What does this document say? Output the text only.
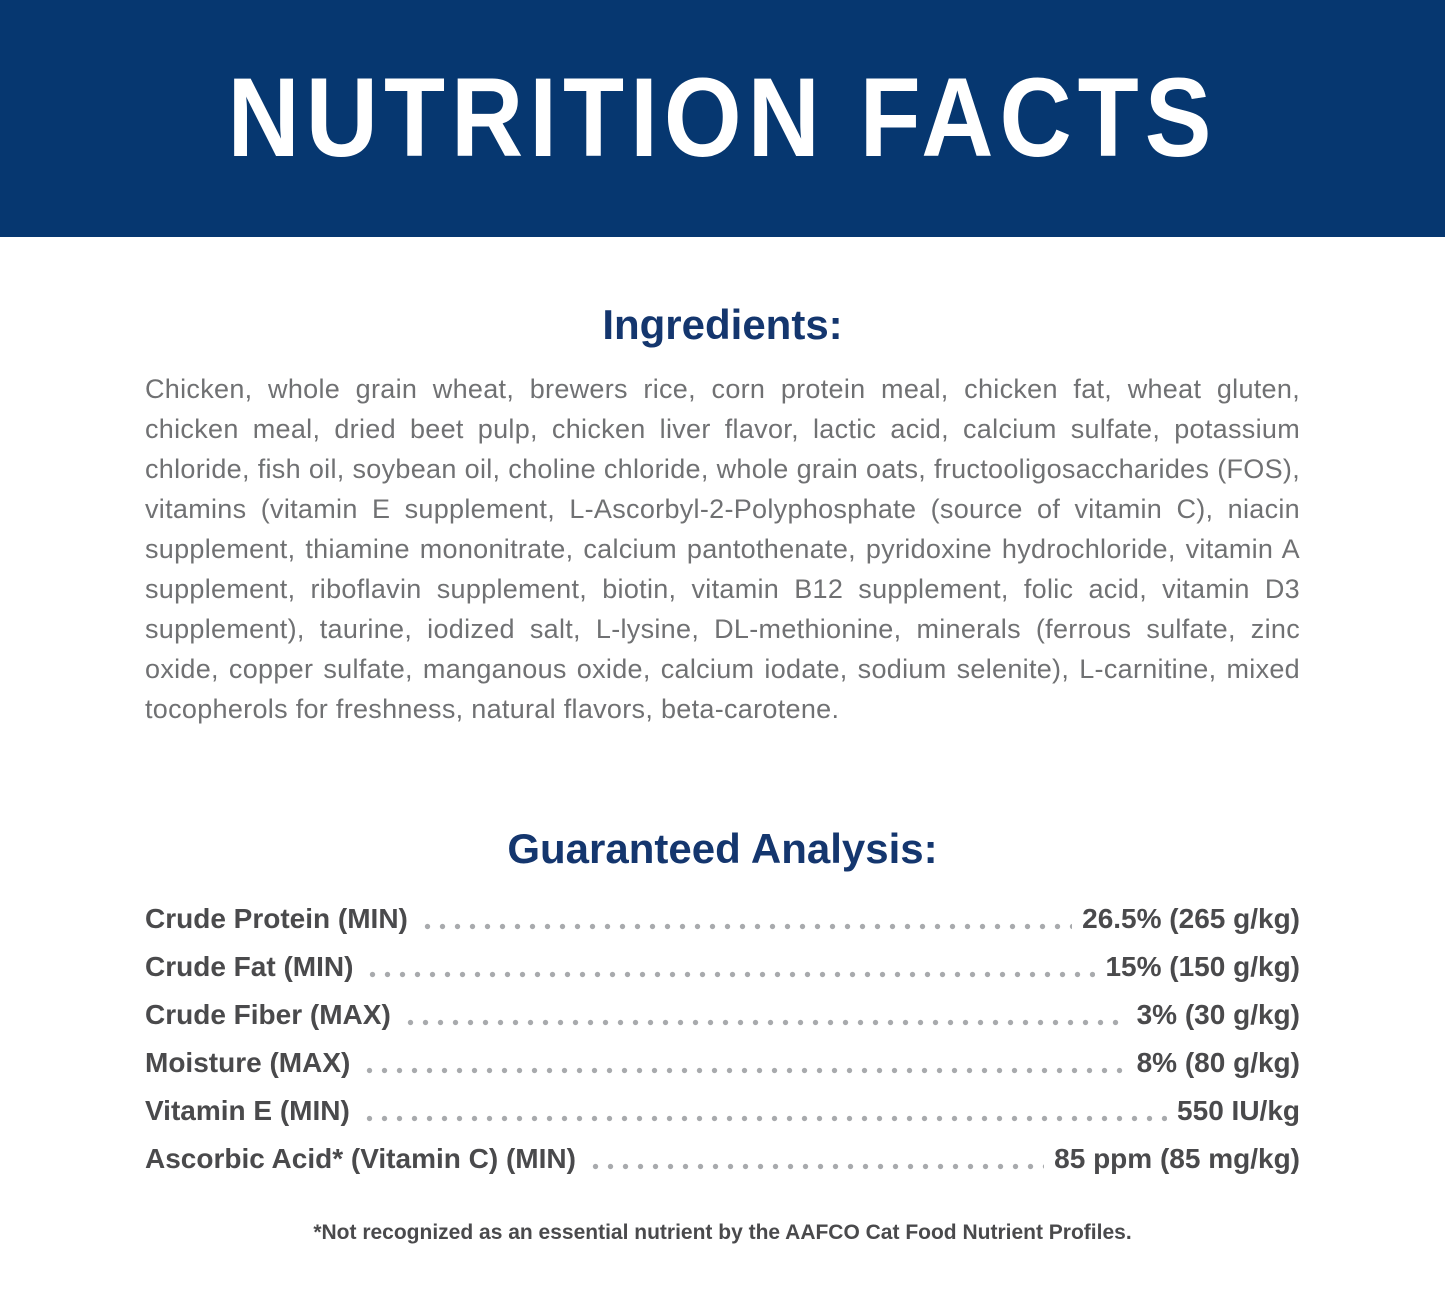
NUTRITION FACTS
Ingredients:

Chicken, whole grain wheat, brewers rice, corn protein meal, chicken fat, wheat gluten, chicken meal, dried beet pulp, chicken liver flavor, lactic acid, calcium sulfate, potassium chloride, fish oil, soybean oil, choline chloride, whole grain oats, fructooligosaccharides (FOS), vitamins (vitamin E supplement, L-Ascorbyl-2-Polyphosphate (source of vitamin C), niacin supplement, thiamine mononitrate, calcium pantothenate, pyridoxine hydrochloride, vitamin A supplement, riboflavin supplement, biotin, vitamin B12 supplement, folic acid, vitamin D3 supplement), taurine, iodized salt, L-lysine, DL-methionine, minerals (ferrous sulfate, zinc oxide, copper sulfate, manganous oxide, calcium iodate, sodium selenite), L-carnitine, mixed tocopherols for freshness, natural flavors, beta-carotene.

Guaranteed Analysis:
Crude Protein (MIN)	26.5% (265 g/kg)
Crude Fat (MIN)	15% (150 g/kg)
Crude Fiber (MAX)	3% (30 g/kg)
Moisture (MAX)	8% (80 g/kg)
Vitamin E (MIN)	550 IU/kg
Ascorbic Acid* (Vitamin C) (MIN)	85 ppm (85 mg/kg)
*Not recognized as an essential nutrient by the AAFCO Cat Food Nutrient Profiles.
